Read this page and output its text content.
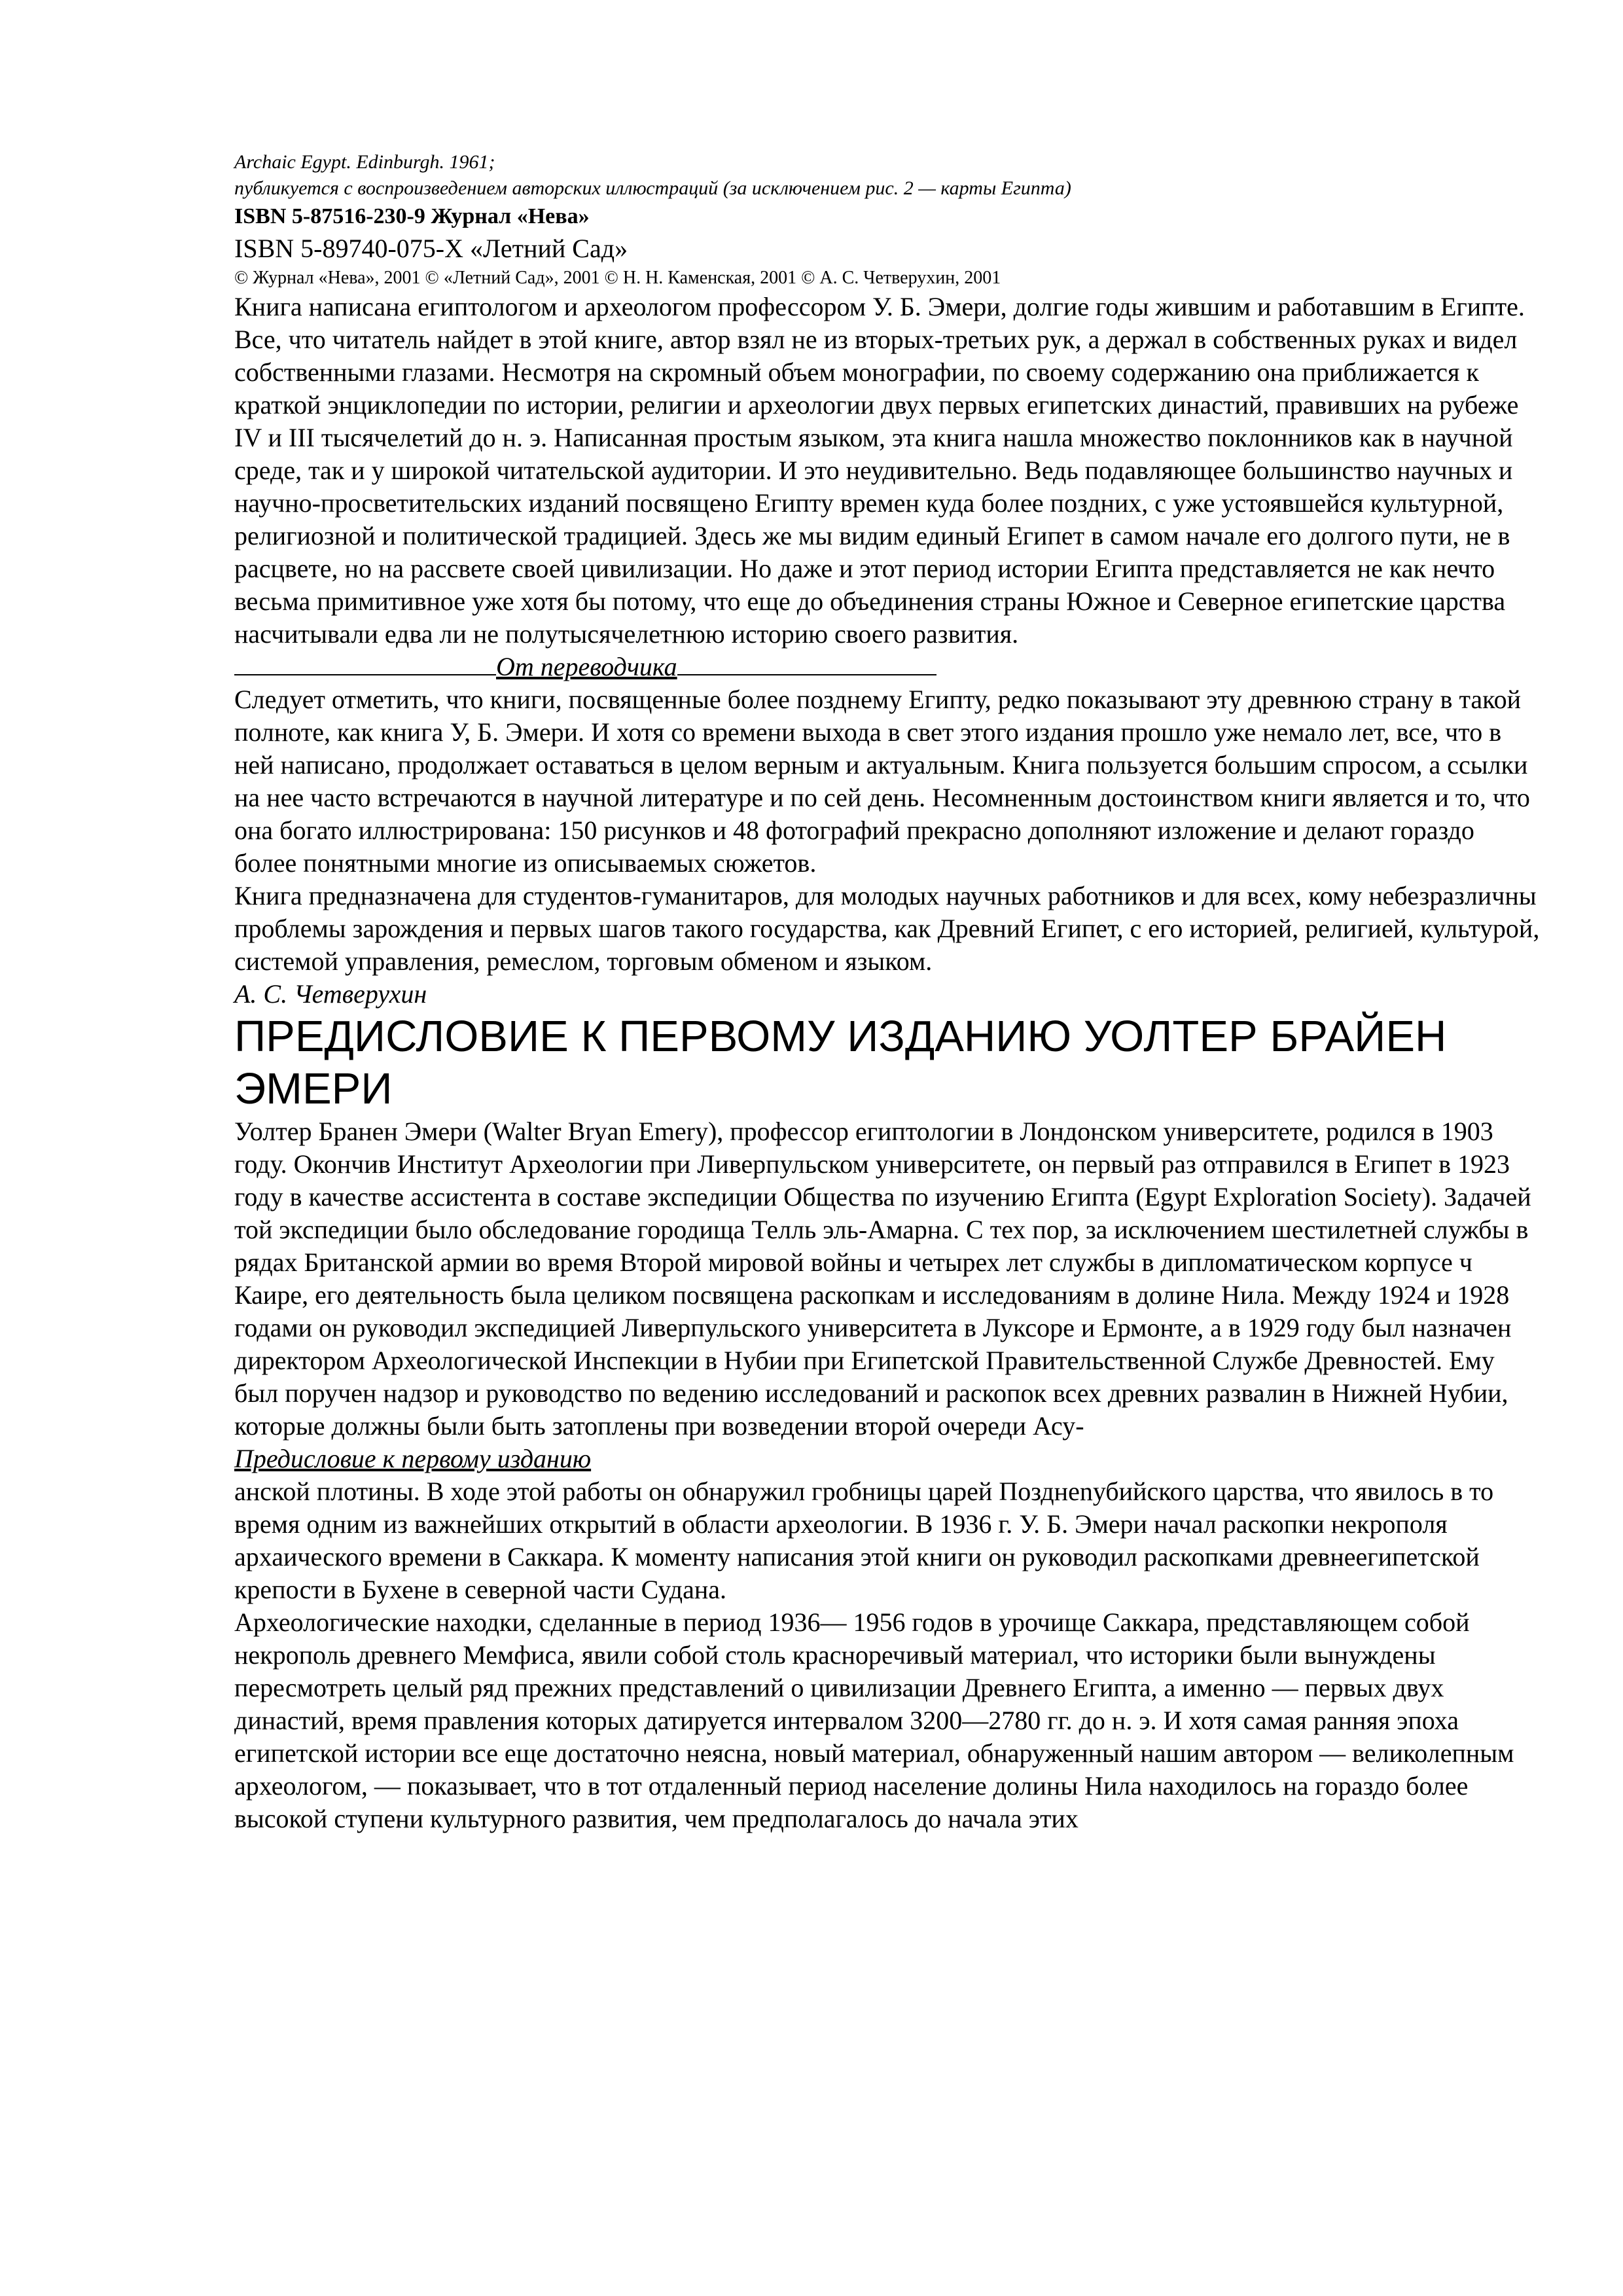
Archaic Egypt. Edinburgh. 1961;
публикуется с воспроизведением авторских иллюстраций (за исключением рис. 2 — карты Египта)
ISBN 5-87516-230-9 Журнал «Нева»
ISBN 5-89740-075-X «Летний Сад»
© Журнал «Нева», 2001 © «Летний Сад», 2001 © Н. Н. Каменская, 2001 © А. С. Четверухин, 2001

Книга написана египтологом и археологом профессором У. Б. Эмери, долгие годы жившим и работавшим в Египте. Все, что читатель найдет в этой книге, автор взял не из вторых-третьих рук, а держал в собственных руках и видел собственными глазами. Несмотря на скромный объем монографии, по своему содержанию она приближается к краткой энциклопедии по истории, религии и археологии двух первых египетских династий, правивших на рубеже IV и III тысячелетий до н. э. Написанная простым языком, эта книга нашла множество поклонников как в научной среде, так и у широкой читательской аудитории. И это неудивительно. Ведь подавляющее большинство научных и научно-просветительских изданий посвящено Египту времен куда более поздних, с уже устоявшейся культурной, религиозной и политической традицией. Здесь же мы видим единый Египет в самом начале его долгого пути, не в расцвете, но на рассвете своей цивилизации. Но даже и этот период истории Египта представляется не как нечто весьма примитивное уже хотя бы потому, что еще до объединения страны Южное и Северное египетские царства насчитывали едва ли не полутысячелетнюю историю своего развития.

От переводчика

Следует отметить, что книги, посвященные более позднему Египту, редко показывают эту древнюю страну в такой полноте, как книга У, Б. Эмери. И хотя со времени выхода в свет этого издания прошло уже немало лет, все, что в ней написано, продолжает оставаться в целом верным и актуальным. Книга пользуется большим спросом, а ссылки на нее часто встречаются в научной литературе и по сей день. Несомненным достоинством книги является и то, что она богато иллюстрирована: 150 рисунков и 48 фотографий прекрасно дополняют изложение и делают гораздо более понятными многие из описываемых сюжетов.

Книга предназначена для студентов-гуманитаров, для молодых научных работников и для всех, кому небезразличны проблемы зарождения и первых шагов такого государства, как Древний Египет, с его историей, религией, культурой, системой управления, ремеслом, торговым обменом и языком.

А. С. Четверухин
ПРЕДИСЛОВИЕ К ПЕРВОМУ ИЗДАНИЮ УОЛТЕР БРАЙЕН ЭМЕРИ

Уолтер Бранен Эмери (Walter Bryan Emery), профессор египтологии в Лондонском университете, родился в 1903 году. Окончив Институт Археологии при Ливерпульском университете, он первый раз отправился в Египет в 1923 году в качестве ассистента в составе экспедиции Общества по изучению Египта (Egypt Exploration Society). Задачей той экспедиции было обследование городища Телль эль-Амарна. С тех пор, за исключением шестилетней службы в рядах Британской армии во время Второй мировой войны и четырех лет службы в дипломатическом корпусе ч Каире, его деятельность была целиком посвящена раскопкам и исследованиям в долине Нила. Между 1924 и 1928 годами он руководил экспедицией Ливерпульского университета в Луксоре и Ермонте, а в 1929 году был назначен директором Археологической Инспекции в Нубии при Египетской Правительственной Службе Древностей. Ему был поручен надзор и руководство по ведению исследований и раскопок всех древних развалин в Нижней Нубии, которые должны были быть затоплены при возведении второй очереди Асу-

Предисловие к первому изданию

анской плотины. В ходе этой работы он обнаружил гробницы царей Позднenубийского царства, что явилось в то время одним из важнейших открытий в области археологии. В 1936 г. У. Б. Эмери начал раскопки некрополя архаического времени в Саккара. К моменту написания этой книги он руководил раскопками древнеегипетской крепости в Бухене в северной части Судана.

Археологические находки, сделанные в период 1936— 1956 годов в урочище Саккара, представляющем собой некрополь древнего Мемфиса, явили собой столь красноречивый материал, что историки были вынуждены пересмотреть целый ряд прежних представлений о цивилизации Древнего Египта, а именно — первых двух династий, время правления которых датируется интервалом 3200—2780 гг. до н. э. И хотя самая ранняя эпоха египетской истории все еще достаточно неясна, новый материал, обнаруженный нашим автором — великолепным археологом, — показывает, что в тот отдаленный период население долины Нила находилось на гораздо более высокой ступени культурного развития, чем предполагалось до начала этих
